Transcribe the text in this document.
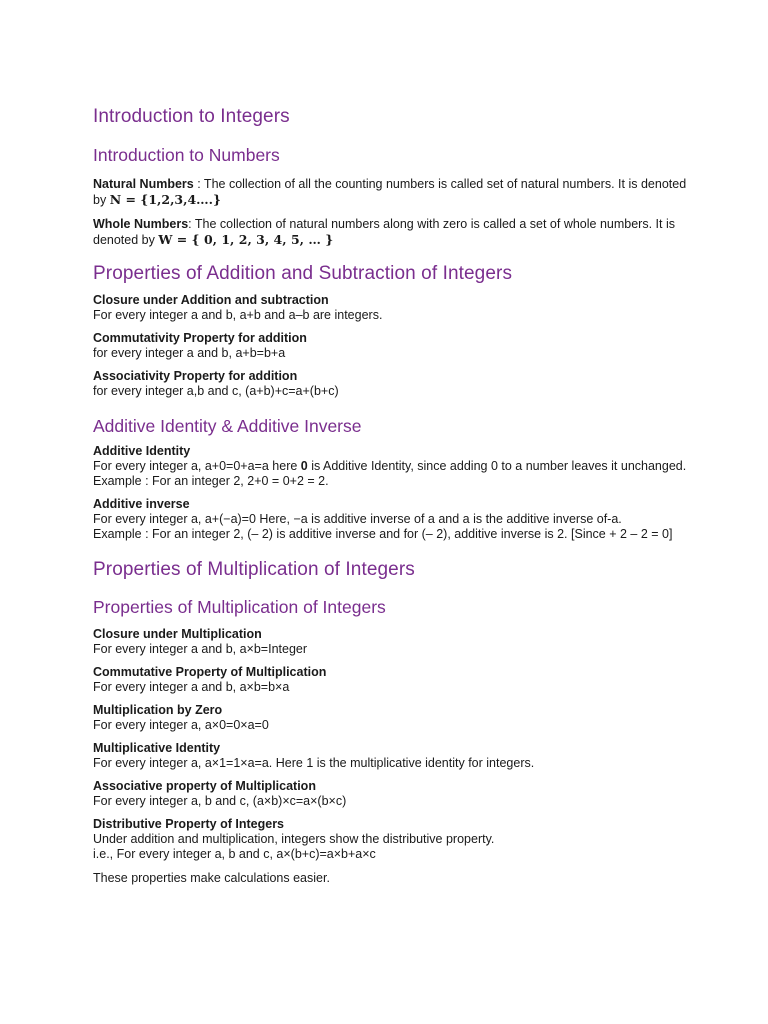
Introduction to Integers
Introduction to Numbers

Natural Numbers : The collection of all the counting numbers is called set of natural numbers. It is denoted by N = {1,2,3,4….}

Whole Numbers: The collection of natural numbers along with zero is called a set of whole numbers. It is denoted by W = { 0, 1, 2, 3, 4, 5, … }

Properties of Addition and Subtraction of Integers

Closure under Addition and subtraction
For every integer a and b, a+b and a–b are integers.

Commutativity Property for addition
for every integer a and b, a+b=b+a

Associativity Property for addition
for every integer a,b and c, (a+b)+c=a+(b+c)

Additive Identity & Additive Inverse

Additive Identity
For every integer a, a+0=0+a=a here 0 is Additive Identity, since adding 0 to a number leaves it unchanged.
Example : For an integer 2, 2+0 = 0+2 = 2.

Additive inverse
For every integer a, a+(−a)=0 Here, −a is additive inverse of a and a is the additive inverse of-a.
Example : For an integer 2, (– 2) is additive inverse and for (– 2), additive inverse is 2. [Since + 2 – 2 = 0]

Properties of Multiplication of Integers
Properties of Multiplication of Integers

Closure under Multiplication
For every integer a and b, a×b=Integer

Commutative Property of Multiplication
For every integer a and b, a×b=b×a

Multiplication by Zero
For every integer a, a×0=0×a=0

Multiplicative Identity
For every integer a, a×1=1×a=a. Here 1 is the multiplicative identity for integers.

Associative property of Multiplication
For every integer a, b and c, (a×b)×c=a×(b×c)

Distributive Property of Integers
Under addition and multiplication, integers show the distributive property.
i.e., For every integer a, b and c, a×(b+c)=a×b+a×c

These properties make calculations easier.
